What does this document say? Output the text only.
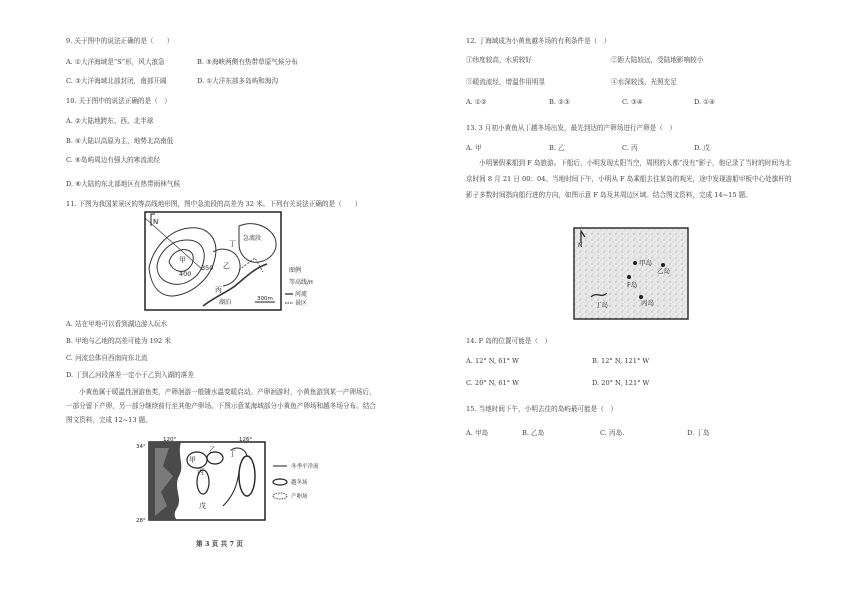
9. 关于图中的说法正确的是（　　）
A. ①大洋海域是“S”形，风大浪急	B. ⑤海峡两侧有热带草原气候分布
C. ③大洋海域北部封闭，南部开阔	D. ①大洋东部多岛屿和海沟
10. 关于图中的说法正确的是（　）
A. ②大陆地跨东、西、北半球
B. ④大陆以高原为主，地势北高南低
C. ⑥岛屿周边有强大的寒流流经
D. ⑥大陆的东北部地区有热带雨林气候
11. 下图为我国某景区的等高线地形图，图中急流段的高差为 32 米。下列有关说法正确的是（　　）
N
甲
400
350 乙
丁
急流段
丙
湖泊	300m
图例
等高线/m
河流
景区
A. 站在甲地可以看到湖边游人玩水
B. 甲地与乙地的高差可能为 192 米
C. 河流总体自西南向东北流
D. 丁到乙河段落差一定小于乙到入湖的落差
小黄鱼属于暖温性洄游鱼类，产卵洄游一般随水温变暖启动。产卵洄游时，小黄鱼游到某一产卵场后，一部分留下产卵，另一部分继续前行至其他产卵场。下图示意某海域部分小黄鱼产卵场和越冬场分布。结合图文资料，完成 12~13 题。
120°	126°
34°
28°
甲
乙
丙
丁
戊
冬季平洋流
越冬场
产卵场
第 3 页 共 7 页
12. 丁海域成为小黄鱼越冬场的有利条件是（　）
①纬度较高，水质较好	②距大陆较远，受陆地影响较小
③暖流流经，增温作用明显	④水深较浅，光照充足
A. ①②	B. ②③	C. ③④	D. ①④
13. 3 月初小黄鱼从丁越冬场出发，最先到达的产卵场进行产卵是（　）
A. 甲	B. 乙	C. 丙	D. 戊
小明暑假乘船到 F 岛旅游。下船后，小明发现太阳当空，周围的人都“没有”影子，他记录了当时的时间为北京时间 8 月 21 日 00：04。当地时间下午，小明从 F 岛乘船去往某岛的观光，途中发现游船甲板中心处旗杆的影子多数时间指向船行进的方向，如图示意 F 岛及其周边区域。结合图文资料，完成 14~15 题。
N
甲岛
乙岛
F岛
丙岛
丁岛
14. F 岛的位置可能是（　）
A. 12° N, 61° W	B. 12° N, 121° W
C. 20° N, 61° W	D. 20° N, 121° W
15. 当地时间下午，小明去往的岛屿最可能是（　）
A. 甲岛	B. 乙岛	C. 丙岛.	D. 丁岛
